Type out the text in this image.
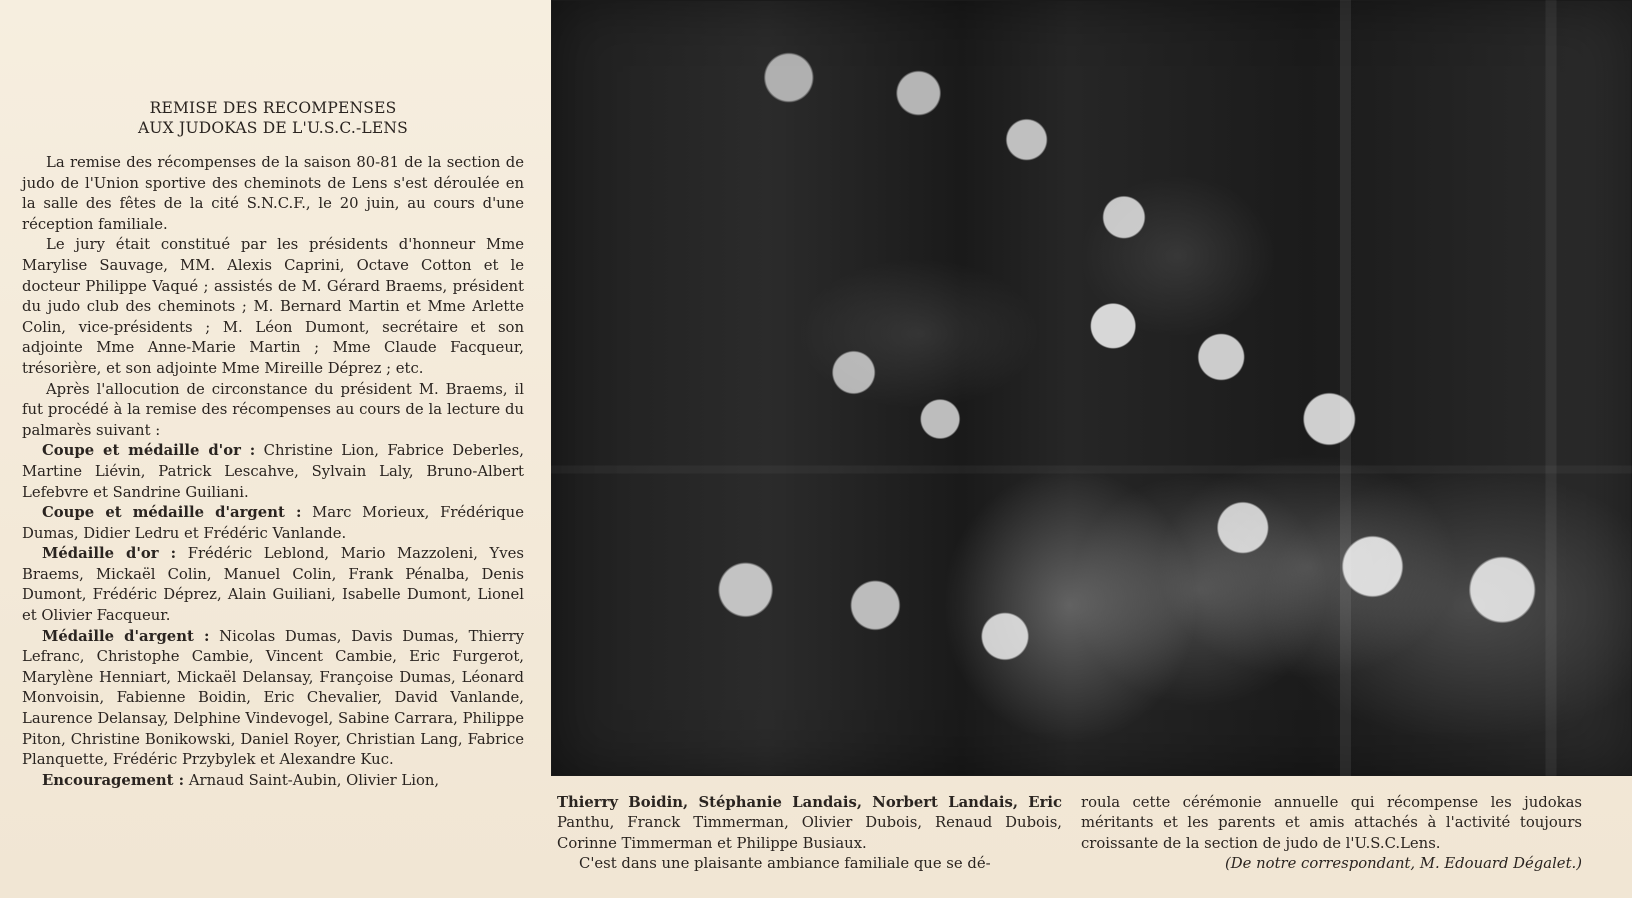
REMISE DES RECOMPENSES
AUX JUDOKAS DE L'U.S.C.-LENS

La remise des récompenses de la saison 80-81 de la section de judo de l'Union sportive des cheminots de Lens s'est déroulée en la salle des fêtes de la cité S.N.C.F., le 20 juin, au cours d'une réception familiale.

Le jury était constitué par les présidents d'honneur Mme Marylise Sauvage, MM. Alexis Caprini, Octave Cotton et le docteur Philippe Vaqué ; assistés de M. Gérard Braems, président du judo club des cheminots ; M. Bernard Martin et Mme Arlette Colin, vice-présidents ; M. Léon Dumont, secrétaire et son adjointe Mme Anne-Marie Martin ; Mme Claude Facqueur, trésorière, et son adjointe Mme Mireille Déprez ; etc.

Après l'allocution de circonstance du président M. Braems, il fut procédé à la remise des récompenses au cours de la lecture du palmarès suivant :

Coupe et médaille d'or : Christine Lion, Fabrice Deberles, Martine Liévin, Patrick Lescahve, Sylvain Laly, Bruno-Albert Lefebvre et Sandrine Guiliani.

Coupe et médaille d'argent : Marc Morieux, Frédérique Dumas, Didier Ledru et Frédéric Vanlande.

Médaille d'or : Frédéric Leblond, Mario Mazzoleni, Yves Braems, Mickaël Colin, Manuel Colin, Frank Pénalba, Denis Dumont, Frédéric Déprez, Alain Guiliani, Isabelle Dumont, Lionel et Olivier Facqueur.

Médaille d'argent : Nicolas Dumas, Davis Dumas, Thierry Lefranc, Christophe Cambie, Vincent Cambie, Eric Furgerot, Marylène Henniart, Mickaël Delansay, Françoise Dumas, Léonard Monvoisin, Fabienne Boidin, Eric Chevalier, David Vanlande, Laurence Delansay, Delphine Vindevogel, Sabine Carrara, Philippe Piton, Christine Bonikowski, Daniel Royer, Christian Lang, Fabrice Planquette, Frédéric Przybylek et Alexandre Kuc.

Encouragement : Arnaud Saint-Aubin, Olivier Lion,

Thierry Boidin, Stéphanie Landais, Norbert Landais, Eric Panthu, Franck Timmerman, Olivier Dubois, Renaud Dubois, Corinne Timmerman et Philippe Busiaux.
C'est dans une plaisante ambiance familiale que se dé-
roula cette cérémonie annuelle qui récompense les judokas méritants et les parents et amis attachés à l'activité toujours croissante de la section de judo de l'U.S.C.Lens.
(De notre correspondant, M. Edouard Dégalet.)
